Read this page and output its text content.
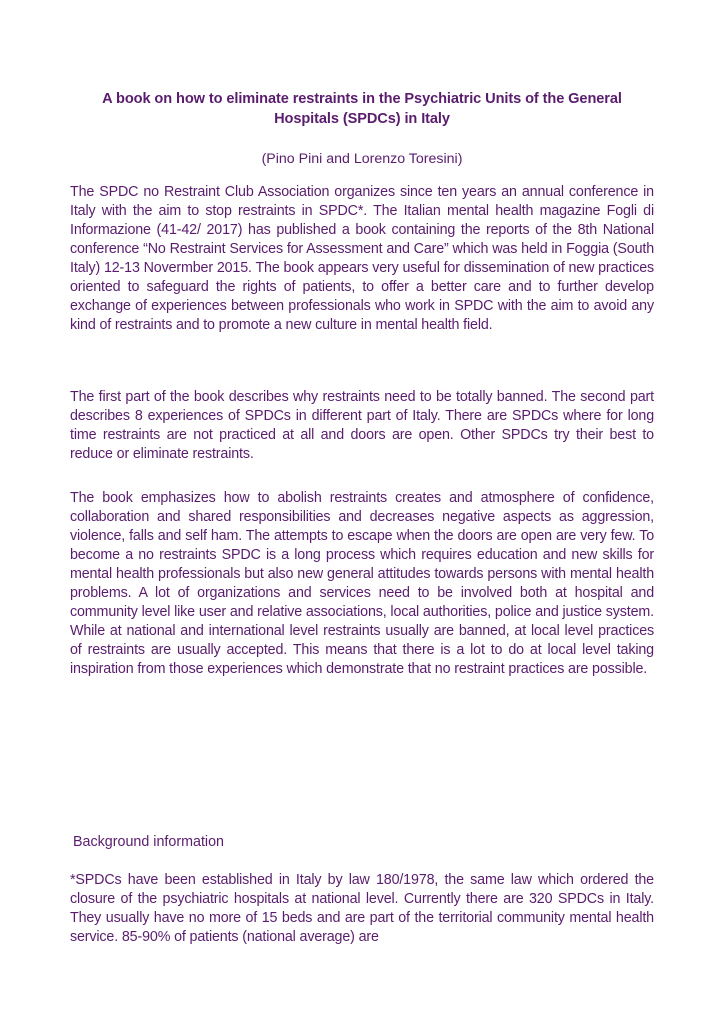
A book on how to eliminate restraints in the Psychiatric Units of the General Hospitals (SPDCs) in Italy
(Pino Pini and Lorenzo Toresini)

The SPDC no Restraint Club Association organizes since ten years an annual conference in Italy with the aim to stop restraints in SPDC*. The Italian mental health magazine Fogli di Informazione (41-42/ 2017) has published a book containing the reports of the 8th National conference “No Restraint Services for Assessment and Care” which was held in Foggia (South Italy) 12-13 Novermber 2015. The book appears very useful for dissemination of new practices oriented to safeguard the rights of patients, to offer a better care and to further develop exchange of experiences between professionals who work in SPDC with the aim to avoid any kind of restraints and to promote a new culture in mental health field.

The first part of the book describes why restraints need to be totally banned. The second part describes 8 experiences of SPDCs in different part of Italy. There are SPDCs where for long time restraints are not practiced at all and doors are open. Other SPDCs try their best to reduce or eliminate restraints.

The book emphasizes how to abolish restraints creates and atmosphere of confidence, collaboration and shared responsibilities and decreases negative aspects as aggression, violence, falls and self ham. The attempts to escape when the doors are open are very few. To become a no restraints SPDC is a long process which requires education and new skills for mental health professionals but also new general attitudes towards persons with mental health problems. A lot of organizations and services need to be involved both at hospital and community level like user and relative associations, local authorities, police and justice system. While at national and international level restraints usually are banned, at local level practices of restraints are usually accepted. This means that there is a lot to do at local level taking inspiration from those experiences which demonstrate that no restraint practices are possible.

Background information

*SPDCs have been established in Italy by law 180/1978, the same law which ordered the closure of the psychiatric hospitals at national level. Currently there are 320 SPDCs in Italy. They usually have no more of 15 beds and are part of the territorial community mental health service. 85-90% of patients (national average) are
